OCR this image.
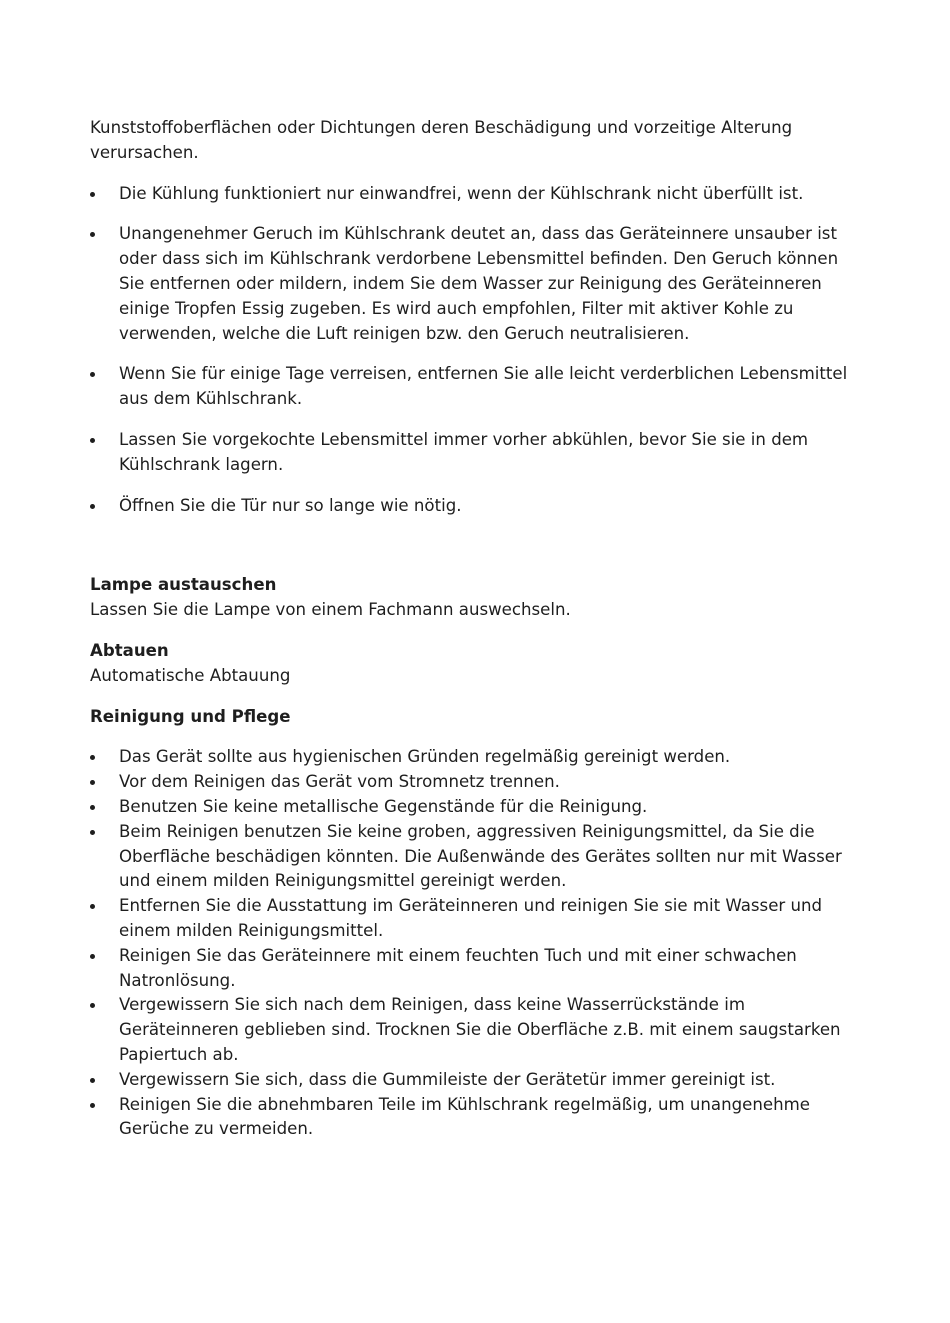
Kunststoffoberflächen oder Dichtungen deren Beschädigung und vorzeitige Alterung verursachen.

Die Kühlung funktioniert nur einwandfrei, wenn der Kühlschrank nicht überfüllt ist.
Unangenehmer Geruch im Kühlschrank deutet an, dass das Geräteinnere unsauber ist oder dass sich im Kühlschrank verdorbene Lebensmittel befinden. Den Geruch können Sie entfernen oder mildern, indem Sie dem Wasser zur Reinigung des Geräteinneren einige Tropfen Essig zugeben. Es wird auch empfohlen, Filter mit aktiver Kohle zu verwenden, welche die Luft reinigen bzw. den Geruch neutralisieren.
Wenn Sie für einige Tage verreisen, entfernen Sie alle leicht verderblichen Lebensmittel aus dem Kühlschrank.
Lassen Sie vorgekochte Lebensmittel immer vorher abkühlen, bevor Sie sie in dem Kühlschrank lagern.
Öffnen Sie die Tür nur so lange wie nötig.

Lampe austauschen

Lassen Sie die Lampe von einem Fachmann auswechseln.

Abtauen

Automatische Abtauung

Reinigung und Pflege

Das Gerät sollte aus hygienischen Gründen regelmäßig gereinigt werden.
Vor dem Reinigen das Gerät vom Stromnetz trennen.
Benutzen Sie keine metallische Gegenstände für die Reinigung.
Beim Reinigen benutzen Sie keine groben, aggressiven Reinigungsmittel, da Sie die Oberfläche beschädigen könnten. Die Außenwände des Gerätes sollten nur mit Wasser und einem milden Reinigungsmittel gereinigt werden.
Entfernen Sie die Ausstattung im Geräteinneren und reinigen Sie sie mit Wasser und einem milden Reinigungsmittel.
Reinigen Sie das Geräteinnere mit einem feuchten Tuch und mit einer schwachen Natronlösung.
Vergewissern Sie sich nach dem Reinigen, dass keine Wasserrückstände im Geräteinneren geblieben sind. Trocknen Sie die Oberfläche z.B. mit einem saugstarken Papiertuch ab.
Vergewissern Sie sich, dass die Gummileiste der Gerätetür immer gereinigt ist.
Reinigen Sie die abnehmbaren Teile im Kühlschrank regelmäßig, um unangenehme Gerüche zu vermeiden.
